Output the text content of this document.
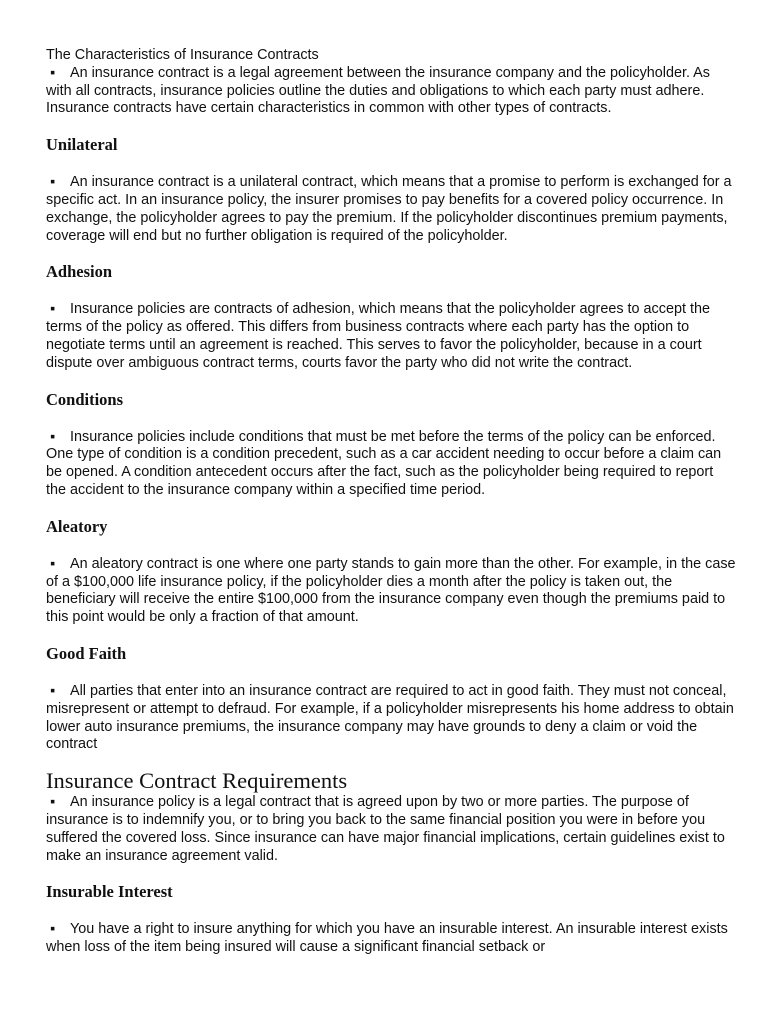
The Characteristics of Insurance Contracts

▪ An insurance contract is a legal agreement between the insurance company and the policyholder. As with all contracts, insurance policies outline the duties and obligations to which each party must adhere. Insurance contracts have certain characteristics in common with other types of contracts.

Unilateral

▪ An insurance contract is a unilateral contract, which means that a promise to perform is exchanged for a specific act. In an insurance policy, the insurer promises to pay benefits for a covered policy occurrence. In exchange, the policyholder agrees to pay the premium. If the policyholder discontinues premium payments, coverage will end but no further obligation is required of the policyholder.

Adhesion

▪ Insurance policies are contracts of adhesion, which means that the policyholder agrees to accept the terms of the policy as offered. This differs from business contracts where each party has the option to negotiate terms until an agreement is reached. This serves to favor the policyholder, because in a court dispute over ambiguous contract terms, courts favor the party who did not write the contract.

Conditions

▪ Insurance policies include conditions that must be met before the terms of the policy can be enforced. One type of condition is a condition precedent, such as a car accident needing to occur before a claim can be opened. A condition antecedent occurs after the fact, such as the policyholder being required to report the accident to the insurance company within a specified time period.

Aleatory

▪ An aleatory contract is one where one party stands to gain more than the other. For example, in the case of a $100,000 life insurance policy, if the policyholder dies a month after the policy is taken out, the beneficiary will receive the entire $100,000 from the insurance company even though the premiums paid to this point would be only a fraction of that amount.

Good Faith

▪ All parties that enter into an insurance contract are required to act in good faith. They must not conceal, misrepresent or attempt to defraud. For example, if a policyholder misrepresents his home address to obtain lower auto insurance premiums, the insurance company may have grounds to deny a claim or void the contract

Insurance Contract Requirements

▪ An insurance policy is a legal contract that is agreed upon by two or more parties. The purpose of insurance is to indemnify you, or to bring you back to the same financial position you were in before you suffered the covered loss. Since insurance can have major financial implications, certain guidelines exist to make an insurance agreement valid.

Insurable Interest

▪ You have a right to insure anything for which you have an insurable interest. An insurable interest exists when loss of the item being insured will cause a significant financial setback or
